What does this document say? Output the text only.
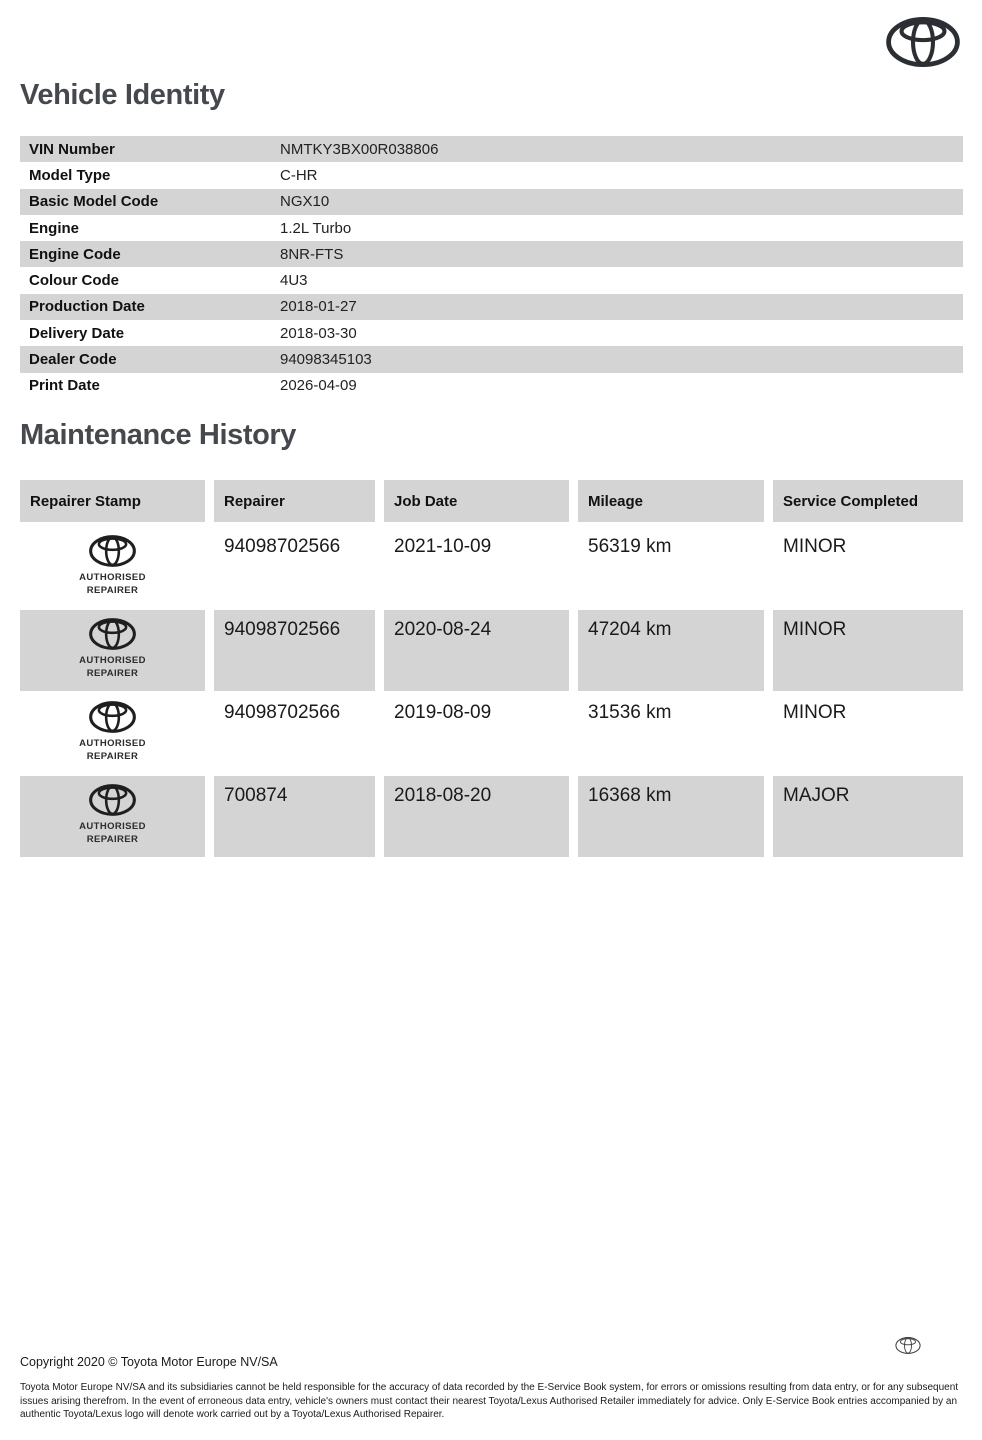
Vehicle Identity
VIN Number	NMTKY3BX00R038806
Model Type	C-HR
Basic Model Code	NGX10
Engine	1.2L Turbo
Engine Code	8NR-FTS
Colour Code	4U3
Production Date	2018-01-27
Delivery Date	2018-03-30
Dealer Code	94098345103
Print Date	2026-04-09
Maintenance History
Repairer Stamp	Repairer	Job Date	Mileage	Service Completed
AUTHORISED
REPAIRER
94098702566	2021-10-09	56319 km	MINOR
AUTHORISED
REPAIRER
94098702566	2020-08-24	47204 km	MINOR
AUTHORISED
REPAIRER
94098702566	2019-08-09	31536 km	MINOR
AUTHORISED
REPAIRER
700874	2018-08-20	16368 km	MAJOR
Copyright 2020 © Toyota Motor Europe NV/SA

Toyota Motor Europe NV/SA and its subsidiaries cannot be held responsible for the accuracy of data recorded by the E-Service Book system, for errors or omissions resulting from data entry, or for any subsequent issues arising therefrom. In the event of erroneous data entry, vehicle's owners must contact their nearest Toyota/Lexus Authorised Retailer immediately for advice. Only E-Service Book entries accompanied by an authentic Toyota/Lexus logo will denote work carried out by a Toyota/Lexus Authorised Repairer.
